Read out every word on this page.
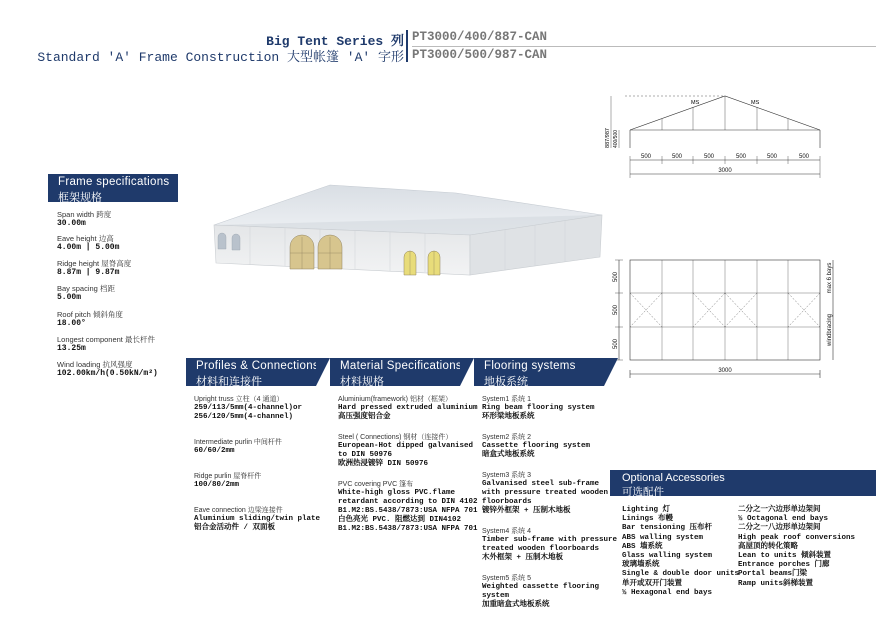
Big Tent Series 列
Standard 'A' Frame Construction 大型帐篷 'A' 字形
PT3000/400/887-CAN
PT3000/500/987-CAN
MS	MS
500	500	500	500	500	500
3000
887/987 400/500
500
500
500
3000
max 6 bays
windbracing
Frame specifications
框架规格
Span width 跨度
30.00m
Eave height 边高
4.00m | 5.00m
Ridge height 屋脊高度
8.87m | 9.87m
Bay spacing 档距
5.00m
Roof pitch 倾斜角度
18.00°
Longest component 最长杆件
13.25m
Wind loading 抗风强度
102.00km/h(0.50kN/m²)
Profiles & Connections
材料和连接件
Upright truss 立柱（4 通道）
259/113/5mm(4-channel)or
256/120/5mm(4-channel)
Intermediate purlin 中间杆件
60/60/2mm
Ridge purlin 屋脊杆件
100/80/2mm
Eave connection 边梁连接件
Aluminium sliding/twin plate
铝合金活动件 / 双面板
Material Specifications
材料规格
Aluminium(framework) 铝材（框架）
Hard pressed extruded aluminium
高压强度铝合金
Steel ( Connections) 钢材（连接件）
European-Hot dipped galvanised
to DIN 50976
欧洲热浸镀锌 DIN 50976
PVC covering PVC 篷布
White-high gloss PVC.flame
retardant according to DIN 4102
B1.M2:BS.5438/7873:USA NFPA 701
白色亮光 PVC. 阻燃达到 DIN4102
B1.M2:BS.5438/7873:USA NFPA 701
Flooring systems
地板系统
System1 系统 1
Ring beam flooring system
环形梁地板系统
System2 系统 2
Cassette flooring system
暗盒式地板系统
System3 系统 3
Galvanised steel sub-frame
with pressure treated wooden
floorboards
镀锌外框架 + 压制木地板
System4 系统 4
Timber sub-frame with pressure
treated wooden floorboards
木外框架 + 压制木地板
System5 系统 5
Weighted cassette flooring
system
加重暗盒式地板系统
Optional Accessories
可选配件
Lighting 灯
Linings 布幔
Bar tensioning 压布杆
ABS walling system
ABS 墙系统
Glass walling system
玻璃墙系统
Single & double door units
单开或双开门装置
½ Hexagonal end bays
二分之一六边形单边架间
½ Octagonal end bays
二分之一八边形单边架间
High peak roof conversions
高屋顶的转化策略
Lean to units 倾斜装置
Entrance porches 门廊
Portal beams门梁
Ramp units斜梯装置
